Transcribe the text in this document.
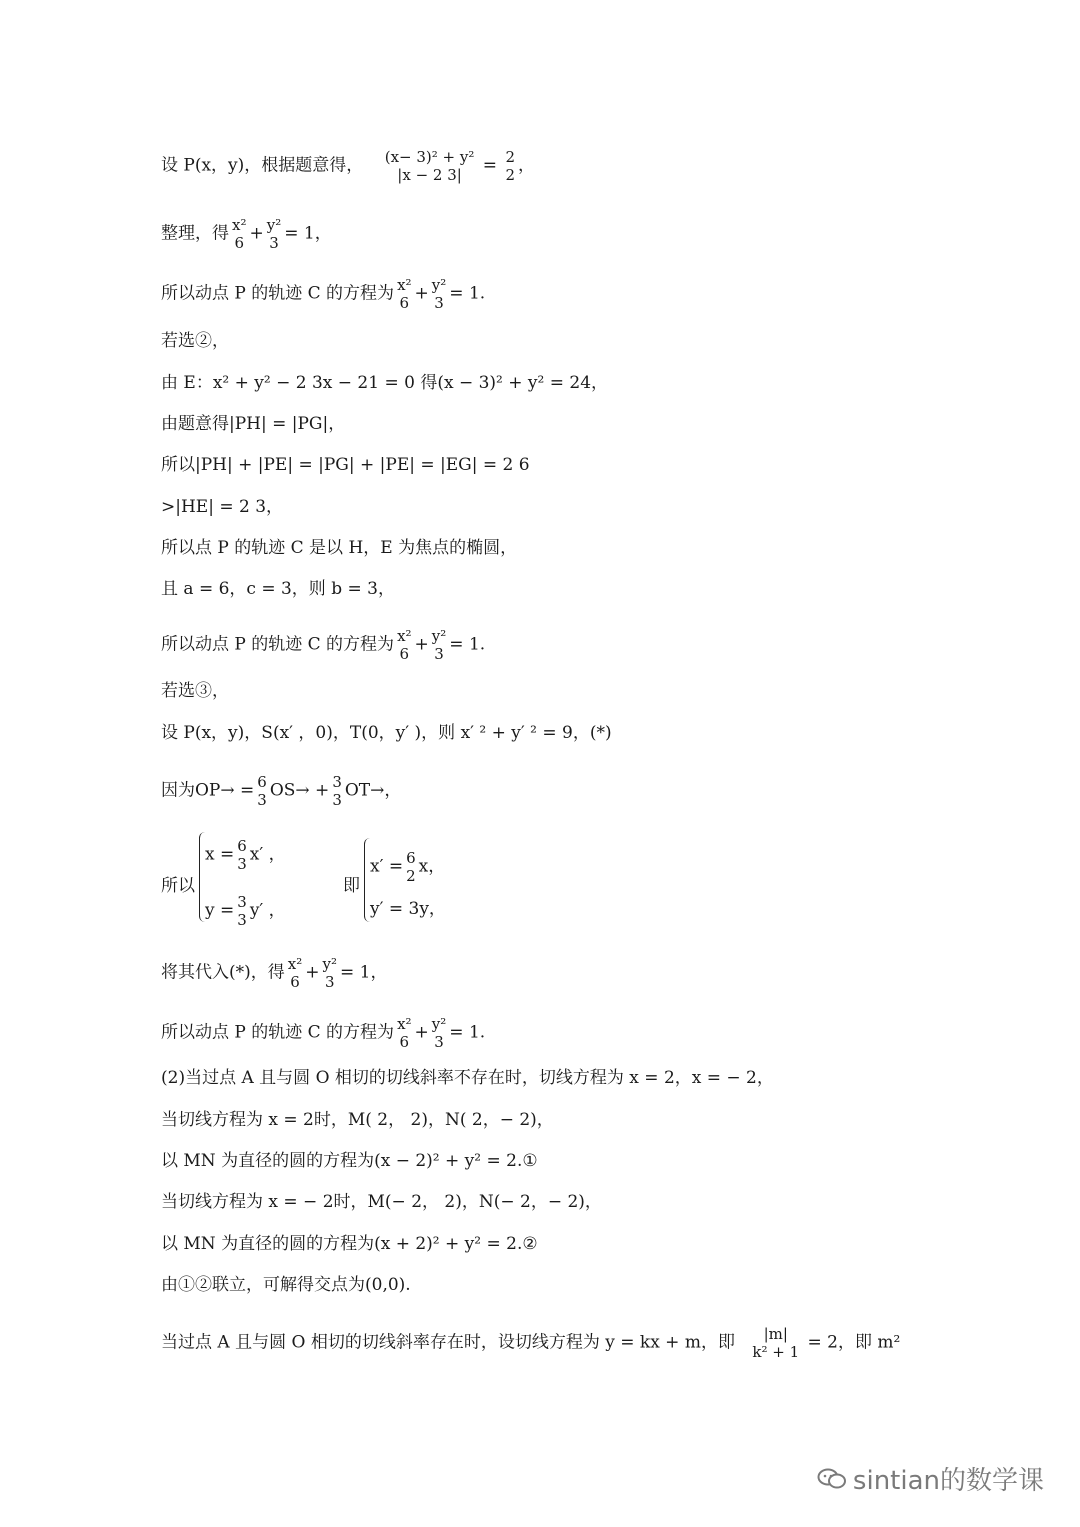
设 P(x，y)，根据题意得， (x− 3)² + y²
|x − 2 3|	= 2
2 ，
整理，得 x²
6 + y²
3 = 1，
所以动点 P 的轨迹 C 的方程为 x²
6 + y²
3 = 1.
若选②，
由 E：x² + y² − 2 3x − 21 = 0 得(x − 3)² + y² = 24，
由题意得|PH| = |PG|，
所以|PH| + |PE| = |PG| + |PE| = |EG| = 2 6
>|HE| = 2 3，
所以点 P 的轨迹 C 是以 H，E 为焦点的椭圆，
且 a = 6，c = 3，则 b = 3，
所以动点 P 的轨迹 C 的方程为 x²
6 + y²
3 = 1.
若选③，
设 P(x，y)，S(x′ ，0)，T(0，y′ )，则 x′ ² + y′ ² = 9，(*)
因为OP→ = 6
3 OS→ + 3
3 OT→，
所以
x = 6
3 x′ ，
y = 3
3 y′ ，
即
x′ = 6
2 x，
y′ = 3y，
将其代入(*)，得 x²
6 + y²
3 = 1，
所以动点 P 的轨迹 C 的方程为 x²
6 + y²
3 = 1.
(2)当过点 A 且与圆 O 相切的切线斜率不存在时，切线方程为 x = 2，x = − 2，
当切线方程为 x = 2时，M( 2， 2)，N( 2，− 2)，
以 MN 为直径的圆的方程为(x − 2)² + y² = 2.①
当切线方程为 x = − 2时，M(− 2， 2)，N(− 2，− 2)，
以 MN 为直径的圆的方程为(x + 2)² + y² = 2.②
由①②联立，可解得交点为(0,0).
当过点 A 且与圆 O 相切的切线斜率存在时，设切线方程为 y = kx + m，即	|m|
k² + 1 = 2，即 m²
sintian的数学课
